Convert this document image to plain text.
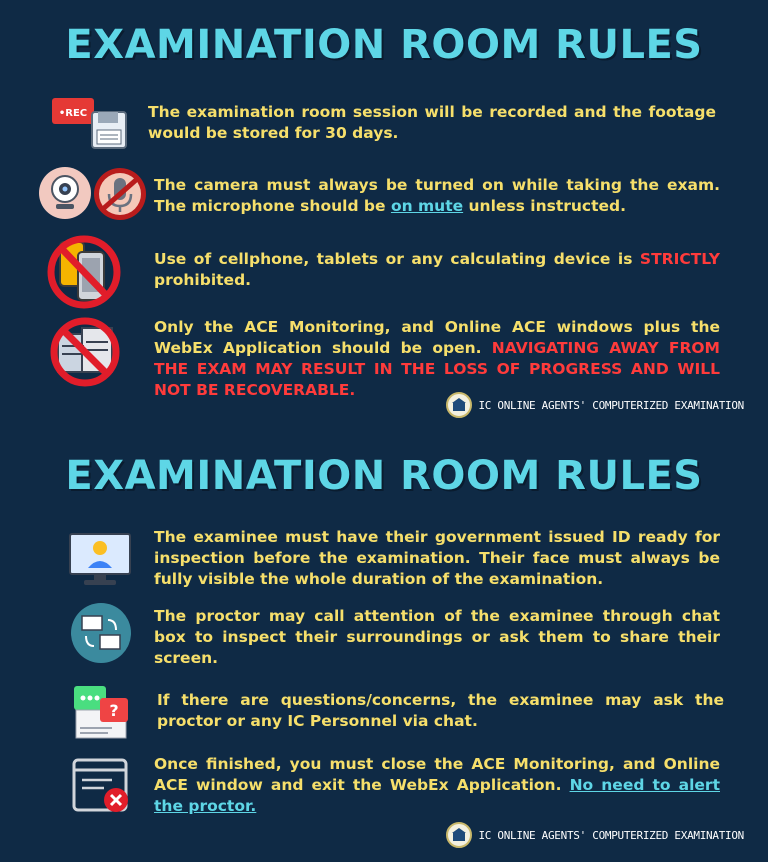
EXAMINATION ROOM RULES
•REC	The examination room session will be recorded and the footage would be stored for 30 days.
The camera must always be turned on while taking the exam. The microphone should be on mute unless instructed.
Use of cellphone, tablets or any calculating device is STRICTLY prohibited.
Only the ACE Monitoring, and Online ACE windows plus the WebEx Application should be open. NAVIGATING AWAY FROM THE EXAM MAY RESULT IN THE LOSS OF PROGRESS AND WILL NOT BE RECOVERABLE.
IC ONLINE AGENTS' COMPUTERIZED EXAMINATION
EXAMINATION ROOM RULES
The examinee must have their government issued ID ready for inspection before the examination. Their face must always be fully visible the whole duration of the examination.
The proctor may call attention of the examinee through chat box to inspect their surroundings or ask them to share their screen.
?
If there are questions/concerns, the examinee may ask the proctor or any IC Personnel via chat.
Once finished, you must close the ACE Monitoring, and Online ACE window and exit the WebEx Application. No need to alert the proctor.
IC ONLINE AGENTS' COMPUTERIZED EXAMINATION
